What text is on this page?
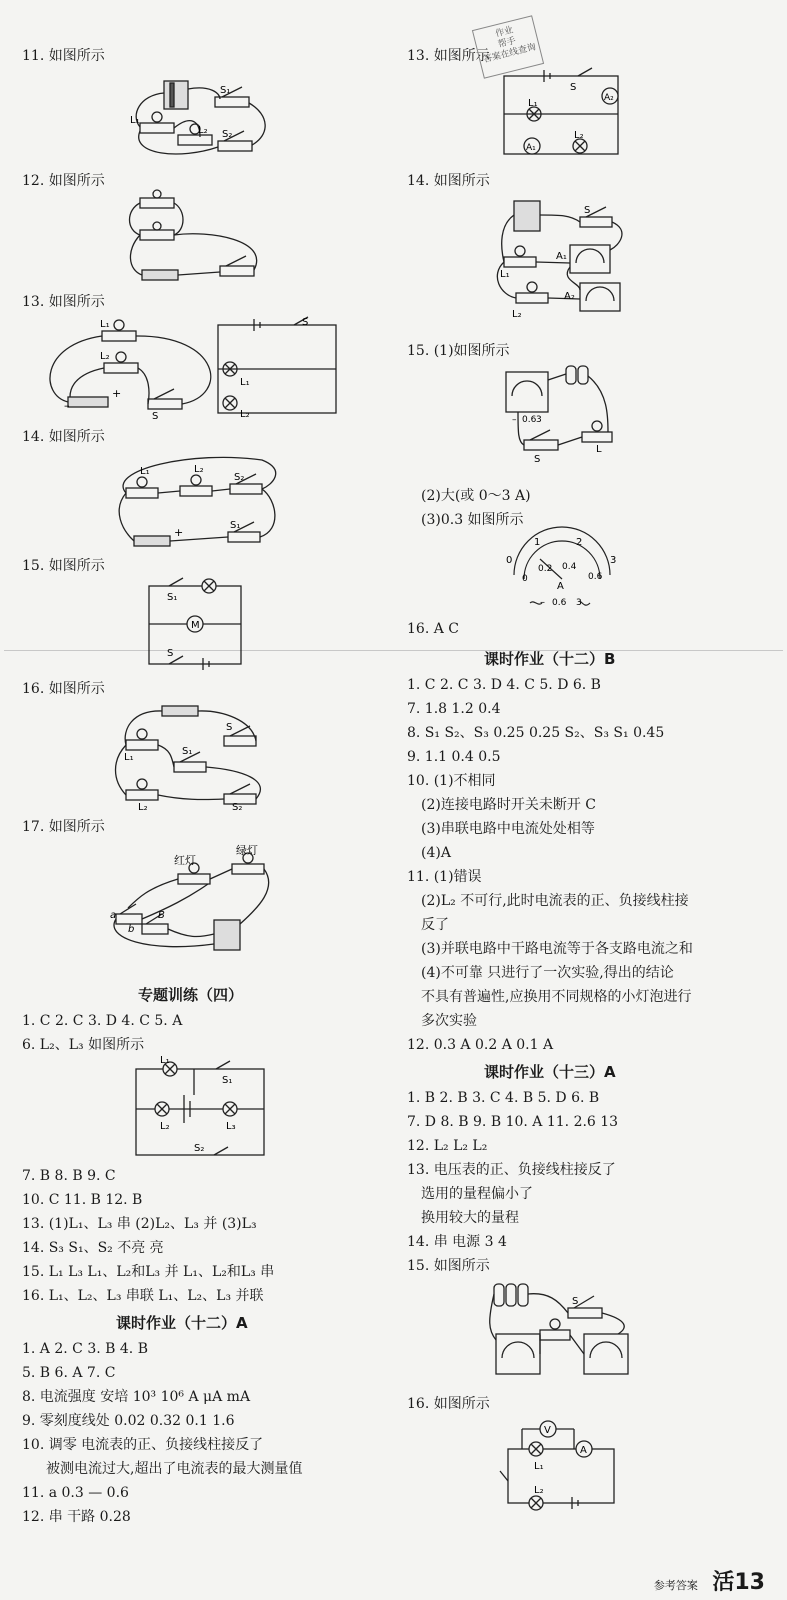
11. 如图所示
12. 如图所示
13. 如图所示
14. 如图所示
15. 如图所示
16. 如图所示
17. 如图所示
1. C 2. C 3. D 4. C 5. A
6. L₂、L₃ 如图所示
7. B 8. B 9. C
10. C 11. B 12. B
13. (1)L₁、L₃ 串 (2)L₂、L₃ 并 (3)L₃
14. S₃ S₁、S₂ 不亮 亮
15. L₁ L₃ L₁、L₂和L₃ 并 L₁、L₂和L₃ 串
16. L₁、L₂、L₃ 串联 L₁、L₂、L₃ 并联
1. A 2. C 3. B 4. B
5. B 6. A 7. C
8. 电流强度 安培 10³ 10⁶ A μA mA
9. 零刻度线处 0.02 0.32 0.1 1.6
10. 调零 电流表的正、负接线柱接反了
被测电流过大,超出了电流表的最大测量值
11. a 0.3 — 0.6
12. 串 干路 0.28
13. 如图所示
14. 如图所示
15. (1)如图所示
(2)大(或 0～3 A)
(3)0.3 如图所示
16. A C
1. C 2. C 3. D 4. C 5. D 6. B
7. 1.8 1.2 0.4
8. S₁ S₂、S₃ 0.25 0.25 S₂、S₃ S₁ 0.45
9. 1.1 0.4 0.5
10. (1)不相同
(2)连接电路时开关未断开 C
(3)串联电路中电流处处相等
(4)A
11. (1)错误
(2)L₂ 不可行,此时电流表的正、负接线柱接
反了
(3)并联电路中干路电流等于各支路电流之和
(4)不可靠 只进行了一次实验,得出的结论
不具有普遍性,应换用不同规格的小灯泡进行
多次实验
12. 0.3 A 0.2 A 0.1 A
1. B 2. B 3. C 4. B 5. D 6. B
7. D 8. B 9. B 10. A 11. 2.6 13
12. L₂ L₂ L₂
13. 电压表的正、负接线柱接反了
选用的量程偏小了
换用较大的量程
14. 串 电源 3 4
15. 如图所示
16. 如图所示
专题训练（四）
课时作业（十二）A
课时作业（十二）B
课时作业（十三）A
作业
帮手
答案在线查询
L₁
L₂
S₁
S₂
L₁
L₂
–
+
S
S
L₁
L₂
L₁	L₂
S₂
S₁
+
S₁
M
S
L₁
S₁
S
L₂	S₂
红灯
绿灯
a
b
B
L₁
S₁
L₂	L₃
S₂
S
A₂
L₁
A₁
L₂
S
L₁
A₁
L₂
A₂
– 0.6 3
S
L
0
1	2
3
0
0.2 0.4
0.6
A
– 0.6 3
S
V
A
L₁
L₂
参考答案 活13
